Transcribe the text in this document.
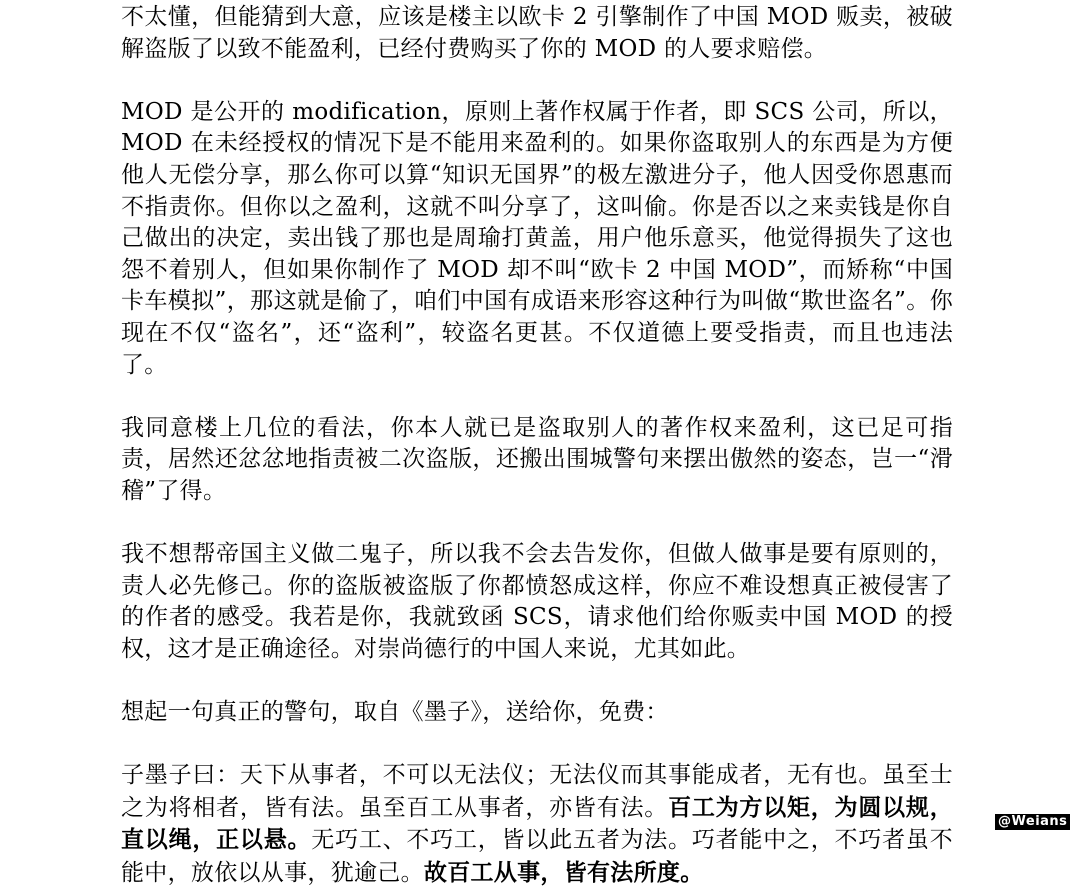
不太懂，但能猜到大意，应该是楼主以欧卡 2 引擎制作了中国 MOD 贩卖，被破解盗版了以致不能盈利，已经付费购买了你的 MOD 的人要求赔偿。

MOD 是公开的 modification，原则上著作权属于作者，即 SCS 公司，所以，MOD 在未经授权的情况下是不能用来盈利的。如果你盗取别人的东西是为方便他人无偿分享，那么你可以算“知识无国界”的极左激进分子，他人因受你恩惠而不指责你。但你以之盈利，这就不叫分享了，这叫偷。你是否以之来卖钱是你自己做出的决定，卖出钱了那也是周瑜打黄盖，用户他乐意买，他觉得损失了这也怨不着别人，但如果你制作了 MOD 却不叫“欧卡 2 中国 MOD”，而矫称“中国卡车模拟”，那这就是偷了，咱们中国有成语来形容这种行为叫做“欺世盗名”。你现在不仅“盗名”，还“盗利”，较盗名更甚。不仅道德上要受指责，而且也违法了。

我同意楼上几位的看法，你本人就已是盗取别人的著作权来盈利，这已足可指责，居然还忿忿地指责被二次盗版，还搬出围城警句来摆出傲然的姿态，岂一“滑稽”了得。

我不想帮帝国主义做二鬼子，所以我不会去告发你，但做人做事是要有原则的，责人必先修己。你的盗版被盗版了你都愤怒成这样，你应不难设想真正被侵害了的作者的感受。我若是你，我就致函 SCS，请求他们给你贩卖中国 MOD 的授权，这才是正确途径。对崇尚德行的中国人来说，尤其如此。

想起一句真正的警句，取自《墨子》，送给你，免费：

子墨子曰：天下从事者，不可以无法仪；无法仪而其事能成者，无有也。虽至士之为将相者，皆有法。虽至百工从事者，亦皆有法。百工为方以矩，为圆以规，直以绳，正以悬。无巧工、不巧工，皆以此五者为法。巧者能中之，不巧者虽不能中，放依以从事，犹逾己。故百工从事，皆有法所度。

@Weians
